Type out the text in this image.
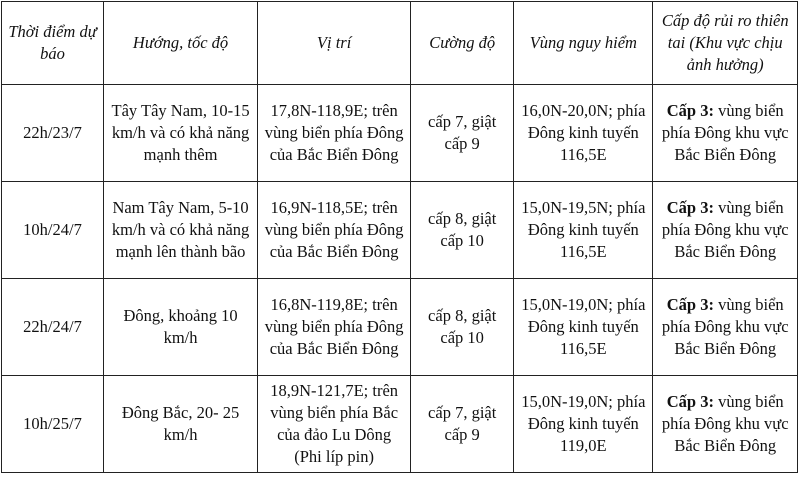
Thời điểm dự báo	Hướng, tốc độ	Vị trí	Cường độ	Vùng nguy hiểm	Cấp độ rủi ro thiên tai (Khu vực chịu ảnh hưởng)
22h/23/7	Tây Tây Nam, 10-15 km/h và có khả năng mạnh thêm	17,8N-118,9E; trên vùng biển phía Đông của Bắc Biển Đông	cấp 7, giật cấp 9	16,0N-20,0N; phía Đông kinh tuyến 116,5E	Cấp 3: vùng biển phía Đông khu vực Bắc Biển Đông
10h/24/7	Nam Tây Nam, 5-10 km/h và có khả năng mạnh lên thành bão	16,9N-118,5E; trên vùng biển phía Đông của Bắc Biển Đông	cấp 8, giật cấp 10	15,0N-19,5N; phía Đông kinh tuyến 116,5E	Cấp 3: vùng biển phía Đông khu vực Bắc Biển Đông
22h/24/7	Đông, khoảng 10 km/h	16,8N-119,8E; trên vùng biển phía Đông của Bắc Biển Đông	cấp 8, giật cấp 10	15,0N-19,0N; phía Đông kinh tuyến 116,5E	Cấp 3: vùng biển phía Đông khu vực Bắc Biển Đông
10h/25/7	Đông Bắc, 20- 25 km/h	18,9N-121,7E; trên vùng biển phía Bắc của đảo Lu Dông (Phi líp pin)	cấp 7, giật cấp 9	15,0N-19,0N; phía Đông kinh tuyến 119,0E	Cấp 3: vùng biển phía Đông khu vực Bắc Biển Đông
